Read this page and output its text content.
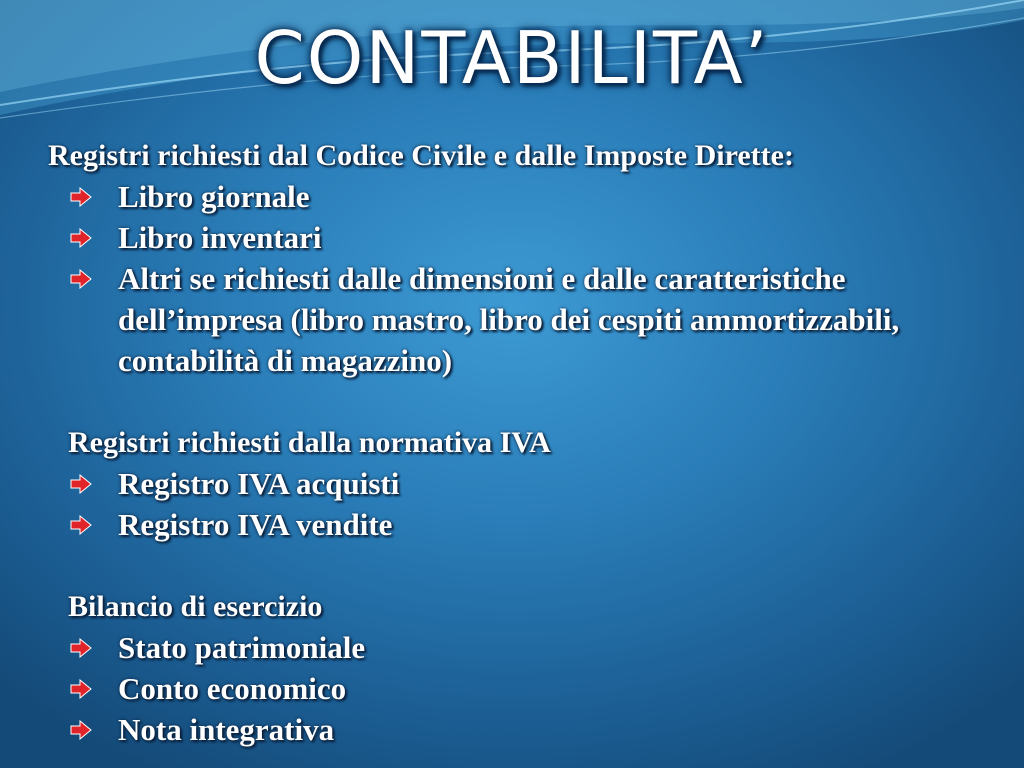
CONTABILITA’
Registri richiesti dal Codice Civile e dalle Imposte Dirette:
Libro giornale
Libro inventari
Altri se richiesti dalle dimensioni e dalle caratteristiche dell’impresa (libro mastro, libro dei cespiti ammortizzabili, contabilità di magazzino)
Registri richiesti dalla normativa IVA
Registro IVA acquisti
Registro IVA vendite
Bilancio di esercizio
Stato patrimoniale
Conto economico
Nota integrativa
